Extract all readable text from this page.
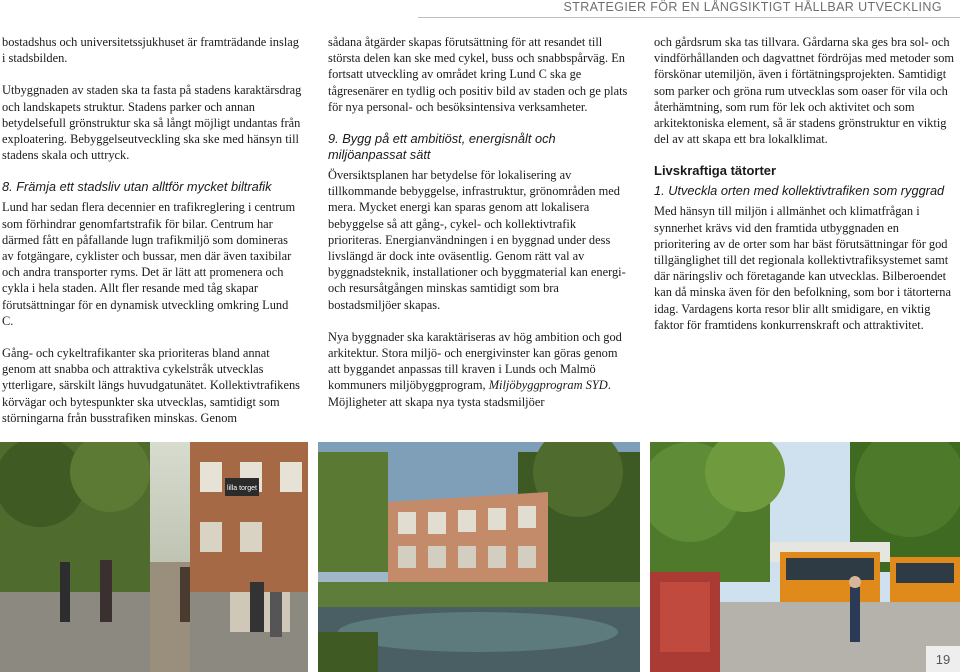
STRATEGIER FÖR EN LÅNGSIKTIGT HÅLLBAR UTVECKLING

bostadshus och universitetssjukhuset är framträdande inslag i stadsbilden.

Utbyggnaden av staden ska ta fasta på stadens karaktärsdrag och landskapets struktur. Stadens parker och annan betydelsefull grönstruktur ska så långt möjligt undantas från exploatering. Bebyggelseutveckling ska ske med hänsyn till stadens skala och uttryck.

8. Främja ett stadsliv utan alltför mycket biltrafik

Lund har sedan flera decennier en trafikreglering i centrum som förhindrar genomfartstrafik för bilar. Centrum har därmed fått en påfallande lugn trafikmiljö som domineras av fotgängare, cyklister och bussar, men där även taxibilar och andra transporter ryms. Det är lätt att promenera och cykla i hela staden. Allt fler resande med tåg skapar förutsättningar för en dynamisk utveckling omkring Lund C.

Gång- och cykeltrafikanter ska prioriteras bland annat genom att snabba och attraktiva cykelstråk utvecklas ytterligare, särskilt längs huvudgatunätet. Kollektivtrafikens körvägar och bytespunkter ska utvecklas, samtidigt som störningarna från busstrafiken minskas. Genom

sådana åtgärder skapas förutsättning för att resandet till största delen kan ske med cykel, buss och snabbspårväg. En fortsatt utveckling av området kring Lund C ska ge tågresenärer en tydlig och positiv bild av staden och ge plats för nya personal- och besöksintensiva verksamheter.

9. Bygg på ett ambitiöst, energisnålt och miljöanpassat sätt

Översiktsplanen har betydelse för lokalisering av tillkommande bebyggelse, infrastruktur, grönområden med mera. Mycket energi kan sparas genom att lokalisera bebyggelse så att gång-, cykel- och kollektivtrafik prioriteras. Energianvändningen i en byggnad under dess livslängd är dock inte oväsentlig. Genom rätt val av byggnadsteknik, installationer och byggmaterial kan energi- och resursåtgången minskas samtidigt som bra bostadsmiljöer skapas.

Nya byggnader ska karaktäriseras av hög ambition och god arkitektur. Stora miljö- och energivinster kan göras genom att byggandet anpassas till kraven i Lunds och Malmö kommuners miljöbyggprogram, Miljöbyggprogram SYD. Möjligheter att skapa nya tysta stadsmiljöer

och gårdsrum ska tas tillvara. Gårdarna ska ges bra sol- och vindförhållanden och dagvattnet fördröjas med metoder som förskönar utemiljön, även i förtätningsprojekten. Samtidigt som parker och gröna rum utvecklas som oaser för vila och återhämtning, som rum för lek och aktivitet och som arkitektoniska element, så är stadens grönstruktur en viktig del av att skapa ett bra lokalklimat.

Livskraftiga tätorter
1. Utveckla orten med kollektivtrafiken som ryggrad

Med hänsyn till miljön i allmänhet och klimatfrågan i synnerhet krävs vid den framtida utbyggnaden en prioritering av de orter som har bäst förutsättningar för god tillgänglighet till det regionala kollektivtrafiksystemet samt där näringsliv och företagande kan utvecklas. Bilberoendet kan då minska även för den befolkning, som bor i tätorterna idag. Vardagens korta resor blir allt smidigare, en viktig faktor för framtidens konkurrenskraft och attraktivitet.

lilla torget
19
